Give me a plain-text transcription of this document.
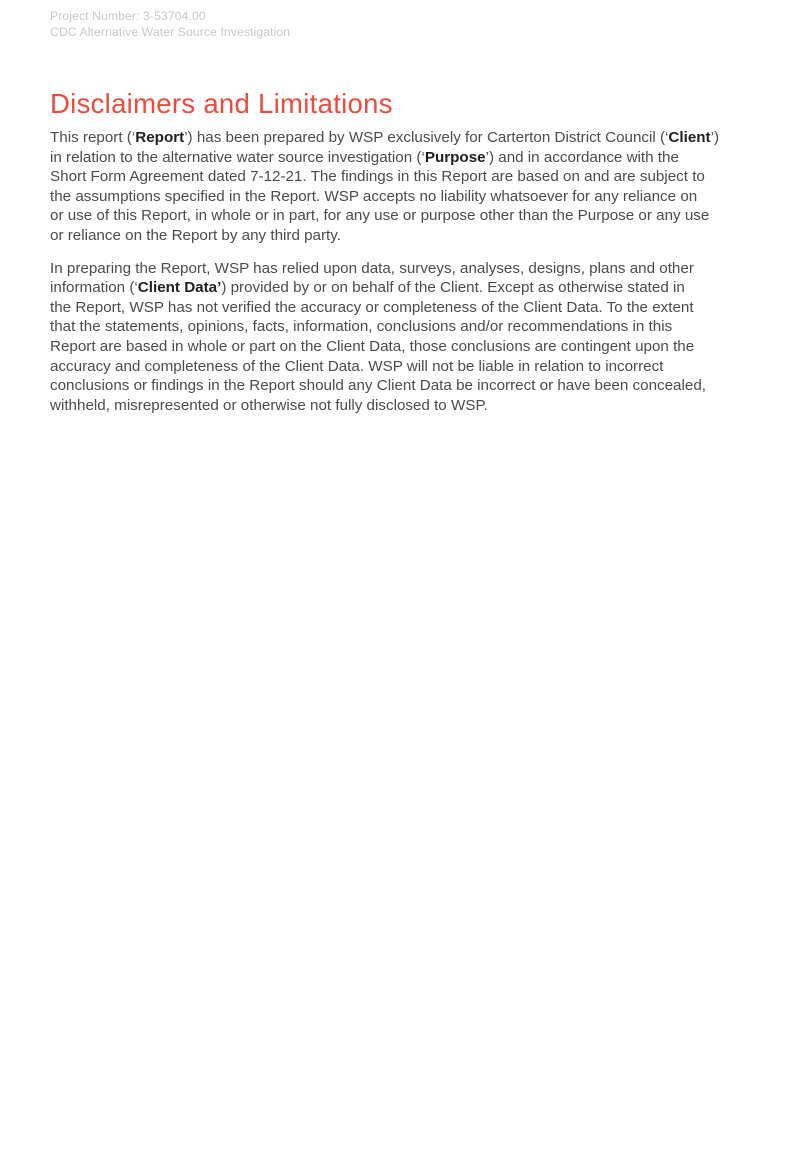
Project Number: 3-53704.00
CDC Alternative Water Source Investigation
Disclaimers and Limitations

This report (‘Report’) has been prepared by WSP exclusively for Carterton District Council (‘Client’)
in relation to the alternative water source investigation (‘Purpose’) and in accordance with the
Short Form Agreement dated 7-12-21. The findings in this Report are based on and are subject to
the assumptions specified in the Report. WSP accepts no liability whatsoever for any reliance on
or use of this Report, in whole or in part, for any use or purpose other than the Purpose or any use
or reliance on the Report by any third party.

In preparing the Report, WSP has relied upon data, surveys, analyses, designs, plans and other
information (‘Client Data’) provided by or on behalf of the Client. Except as otherwise stated in
the Report, WSP has not verified the accuracy or completeness of the Client Data. To the extent
that the statements, opinions, facts, information, conclusions and/or recommendations in this
Report are based in whole or part on the Client Data, those conclusions are contingent upon the
accuracy and completeness of the Client Data. WSP will not be liable in relation to incorrect
conclusions or findings in the Report should any Client Data be incorrect or have been concealed,
withheld, misrepresented or otherwise not fully disclosed to WSP.
